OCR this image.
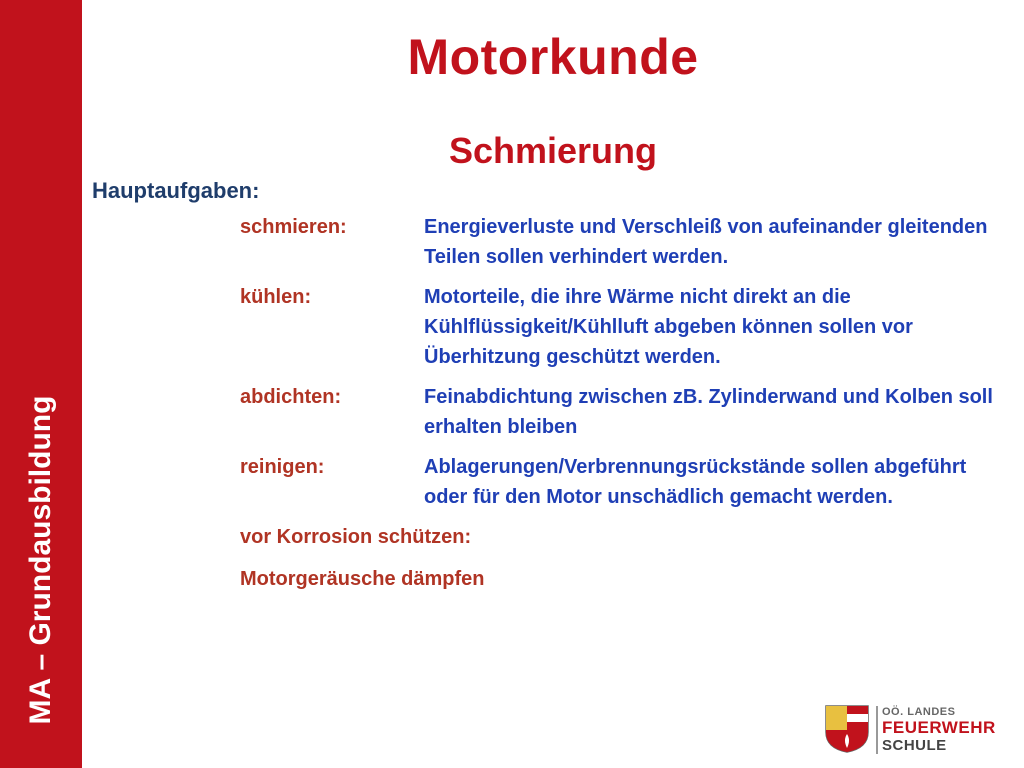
MA – Grundausbildung
Motorkunde
Schmierung
Hauptaufgaben:
schmieren:	Energieverluste und Verschleiß von aufeinander gleitenden Teilen sollen verhindert werden.
kühlen:	Motorteile, die ihre Wärme nicht direkt an die Kühlflüssigkeit/Kühlluft abgeben können sollen vor Überhitzung geschützt werden.
abdichten:	Feinabdichtung zwischen zB. Zylinderwand und Kolben soll erhalten bleiben
reinigen:	Ablagerungen/Verbrennungsrückstände sollen abgeführt oder für den Motor unschädlich gemacht werden.
vor Korrosion schützen:
Motorgeräusche dämpfen
OÖ. LANDES
FEUERWEHR
SCHULE
